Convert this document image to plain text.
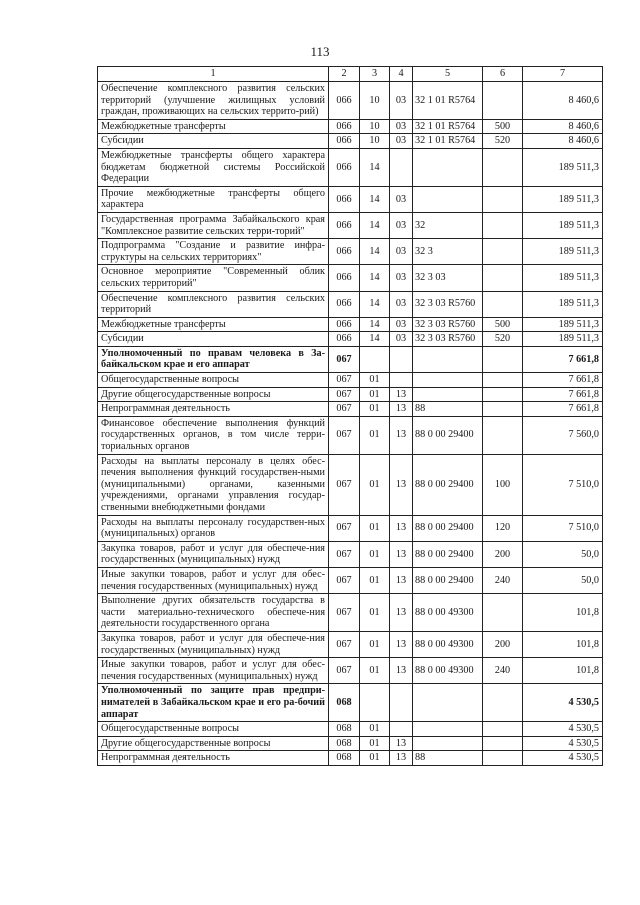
113
1	2	3	4	5	6	7
Обеспечение комплексного развития сельских территорий (улучшение жилищных условий граждан, проживающих на сельских террито-рий)	066	10	03	32 1 01 R5764		8 460,6
Межбюджетные трансферты	066	10	03	32 1 01 R5764	500	8 460,6
Субсидии	066	10	03	32 1 01 R5764	520	8 460,6
Межбюджетные трансферты общего характера бюджетам бюджетной системы Российской Федерации	066	14				189 511,3
Прочие межбюджетные трансферты общего характера	066	14	03			189 511,3
Государственная программа Забайкальского края "Комплексное развитие сельских терри-торий"	066	14	03	32		189 511,3
Подпрограмма "Создание и развитие инфра-структуры на сельских территориях"	066	14	03	32 3		189 511,3
Основное мероприятие "Современный облик сельских территорий"	066	14	03	32 3 03		189 511,3
Обеспечение комплексного развития сельских территорий	066	14	03	32 3 03 R5760		189 511,3
Межбюджетные трансферты	066	14	03	32 3 03 R5760	500	189 511,3
Субсидии	066	14	03	32 3 03 R5760	520	189 511,3
Уполномоченный по правам человека в За-байкальском крае и его аппарат	067					7 661,8
Общегосударственные вопросы	067	01				7 661,8
Другие общегосударственные вопросы	067	01	13			7 661,8
Непрограммная деятельность	067	01	13	88		7 661,8
Финансовое обеспечение выполнения функций государственных органов, в том числе терри-ториальных органов	067	01	13	88 0 00 29400		7 560,0
Расходы на выплаты персоналу в целях обес-печения выполнения функций государствен-ными (муниципальными) органами, казенными учреждениями, органами управления государ-ственными внебюджетными фондами	067	01	13	88 0 00 29400	100	7 510,0
Расходы на выплаты персоналу государствен-ных (муниципальных) органов	067	01	13	88 0 00 29400	120	7 510,0
Закупка товаров, работ и услуг для обеспече-ния государственных (муниципальных) нужд	067	01	13	88 0 00 29400	200	50,0
Иные закупки товаров, работ и услуг для обес-печения государственных (муниципальных) нужд	067	01	13	88 0 00 29400	240	50,0
Выполнение других обязательств государства в части материально-технического обеспече-ния деятельности государственного органа	067	01	13	88 0 00 49300		101,8
Закупка товаров, работ и услуг для обеспече-ния государственных (муниципальных) нужд	067	01	13	88 0 00 49300	200	101,8
Иные закупки товаров, работ и услуг для обес-печения государственных (муниципальных) нужд	067	01	13	88 0 00 49300	240	101,8
Уполномоченный по защите прав предпри-нимателей в Забайкальском крае и его ра-бочий аппарат	068					4 530,5
Общегосударственные вопросы	068	01				4 530,5
Другие общегосударственные вопросы	068	01	13			4 530,5
Непрограммная деятельность	068	01	13	88		4 530,5
